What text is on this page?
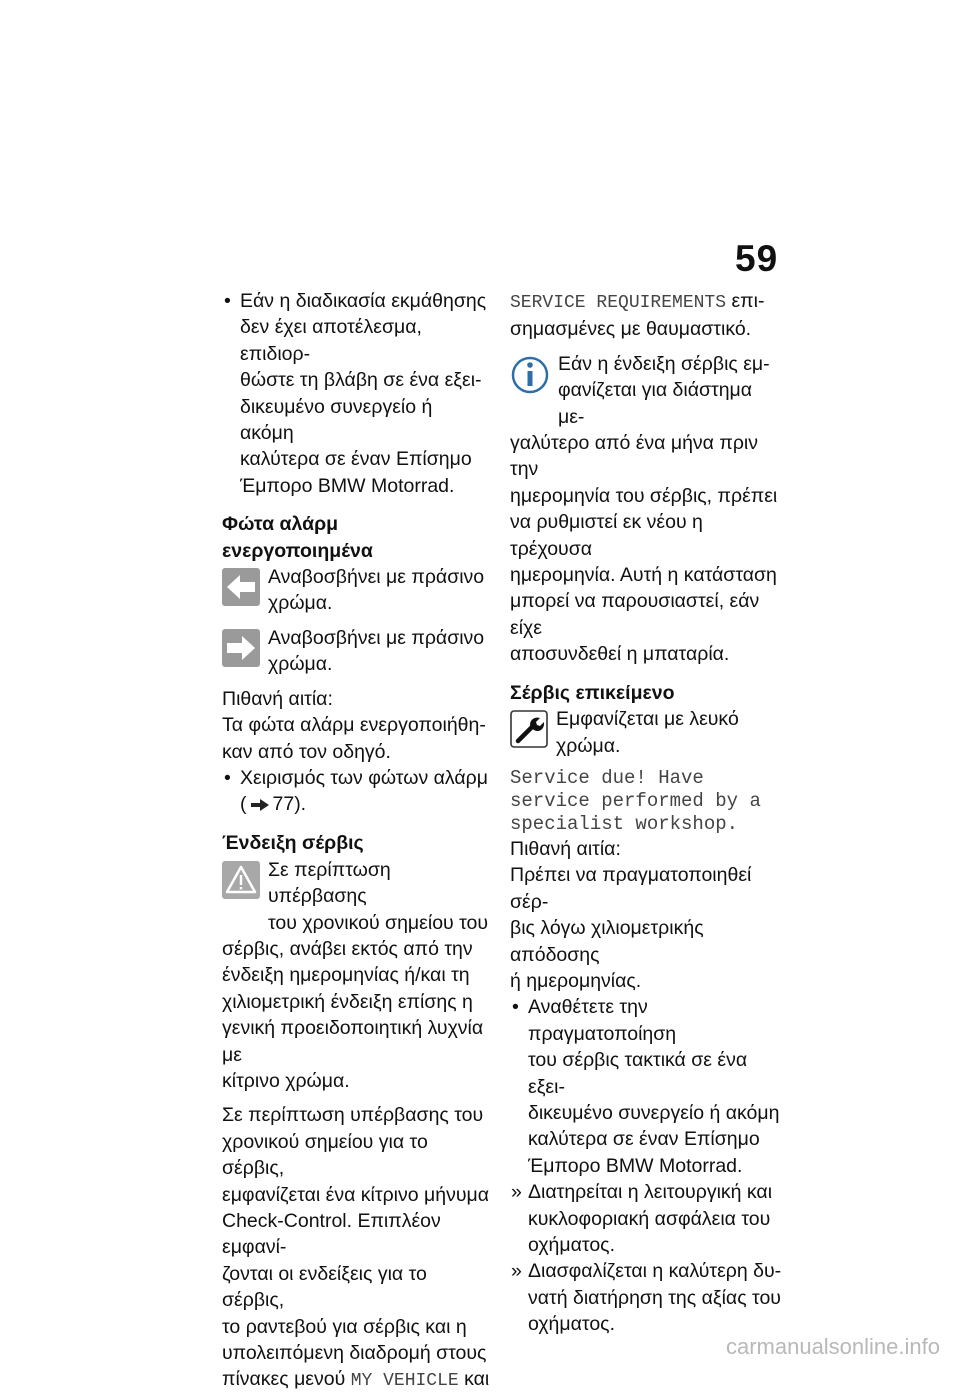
59
• Εάν η διαδικασία εκμάθησης
δεν έχει αποτέλεσμα, επιδιορ-
θώστε τη βλάβη σε ένα εξει-
δικευμένο συνεργείο ή ακόμη
καλύτερα σε έναν Επίσημο
Έμπορο BMW Motorrad.
Φώτα αλάρμ
ενεργοποιημένα
Αναβοσβήνει με πράσινο
χρώμα.
Αναβοσβήνει με πράσινο
χρώμα.
Πιθανή αιτία:
Τα φώτα αλάρμ ενεργοποιήθη-
καν από τον οδηγό.
• Χειρισμός των φώτων αλάρμ
( 77).
Ένδειξη σέρβις
Σε περίπτωση υπέρβασης
του χρονικού σημείου του
σέρβις, ανάβει εκτός από την
ένδειξη ημερομηνίας ή/και τη
χιλιομετρική ένδειξη επίσης η
γενική προειδοποιητική λυχνία με
κίτρινο χρώμα.
Σε περίπτωση υπέρβασης του
χρονικού σημείου για το σέρβις,
εμφανίζεται ένα κίτρινο μήνυμα
Check-Control. Επιπλέον εμφανί-
ζονται οι ενδείξεις για το σέρβις,
το ραντεβού για σέρβις και η
υπολειπόμενη διαδρομή στους
πίνακες μενού MY VEHICLE και
SERVICE REQUIREMENTS επι-
σημασμένες με θαυμαστικό.
Εάν η ένδειξη σέρβις εμ-
φανίζεται για διάστημα με-
γαλύτερο από ένα μήνα πριν την
ημερομηνία του σέρβις, πρέπει
να ρυθμιστεί εκ νέου η τρέχουσα
ημερομηνία. Αυτή η κατάσταση
μπορεί να παρουσιαστεί, εάν είχε
αποσυνδεθεί η μπαταρία.
Σέρβις επικείμενο
Εμφανίζεται με λευκό
χρώμα.
Service due! Have
service performed by a
specialist workshop.
Πιθανή αιτία:
Πρέπει να πραγματοποιηθεί σέρ-
βις λόγω χιλιομετρικής απόδοσης
ή ημερομηνίας.
• Αναθέτετε την πραγματοποίηση
του σέρβις τακτικά σε ένα εξει-
δικευμένο συνεργείο ή ακόμη
καλύτερα σε έναν Επίσημο
Έμπορο BMW Motorrad.
» Διατηρείται η λειτουργική και
κυκλοφοριακή ασφάλεια του
οχήματος.
» Διασφαλίζεται η καλύτερη δυ-
νατή διατήρηση της αξίας του
οχήματος.
carmanualsonline.info
